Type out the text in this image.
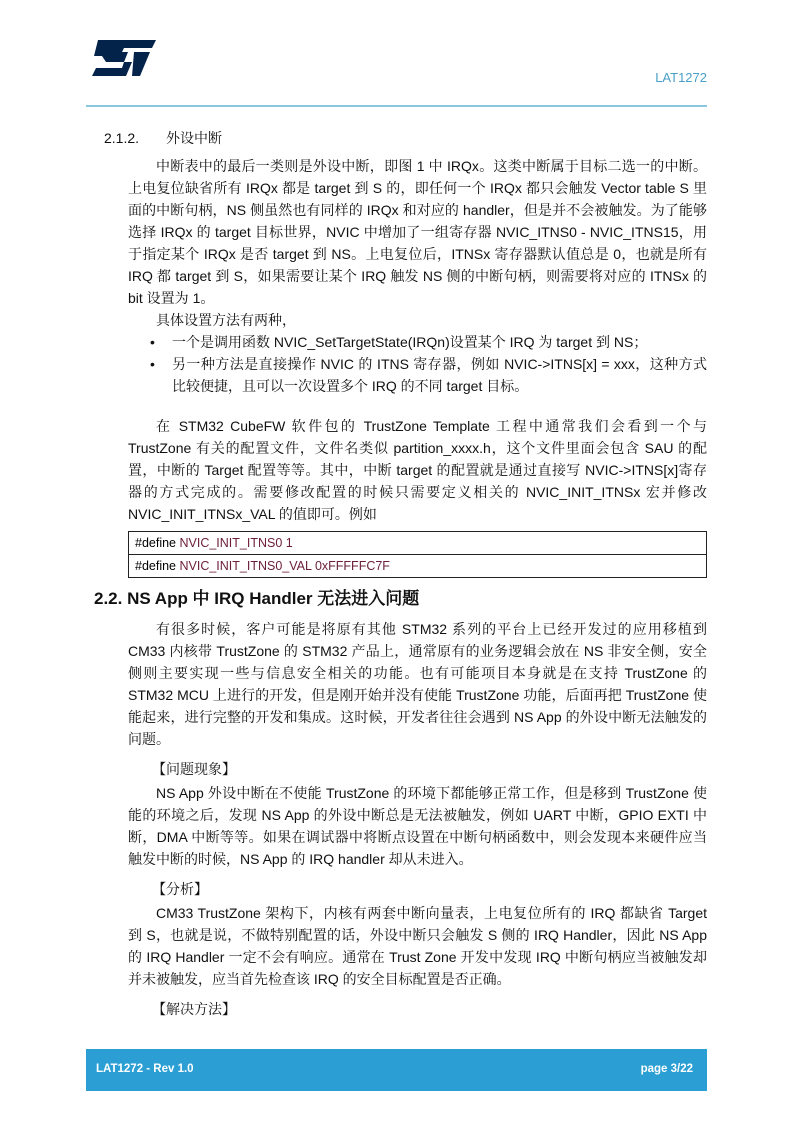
LAT1272
2.1.2. 外设中断

中断表中的最后一类则是外设中断，即图 1 中 IRQx。这类中断属于目标二选一的中断。上电复位缺省所有 IRQx 都是 target 到 S 的，即任何一个 IRQx 都只会触发 Vector table S 里面的中断句柄，NS 侧虽然也有同样的 IRQx 和对应的 handler，但是并不会被触发。为了能够选择 IRQx 的 target 目标世界，NVIC 中增加了一组寄存器 NVIC_ITNS0 - NVIC_ITNS15，用于指定某个 IRQx 是否 target 到 NS。上电复位后，ITNSx 寄存器默认值总是 0，也就是所有 IRQ 都 target 到 S，如果需要让某个 IRQ 触发 NS 侧的中断句柄，则需要将对应的 ITNSx 的 bit 设置为 1。

具体设置方法有两种，

• 一个是调用函数 NVIC_SetTargetState(IRQn)设置某个 IRQ 为 target 到 NS；
• 另一种方法是直接操作 NVIC 的 ITNS 寄存器，例如 NVIC->ITNS[x] = xxx，这种方式比较便捷，且可以一次设置多个 IRQ 的不同 target 目标。

在 STM32 CubeFW 软件包的 TrustZone Template 工程中通常我们会看到一个与 TrustZone 有关的配置文件，文件名类似 partition_xxxx.h，这个文件里面会包含 SAU 的配置，中断的 Target 配置等等。其中，中断 target 的配置就是通过直接写 NVIC->ITNS[x]寄存器的方式完成的。需要修改配置的时候只需要定义相关的 NVIC_INIT_ITNSx 宏并修改 NVIC_INIT_ITNSx_VAL 的值即可。例如

#define NVIC_INIT_ITNS0 1
#define NVIC_INIT_ITNS0_VAL 0xFFFFFC7F
2.2. NS App 中 IRQ Handler 无法进入问题

有很多时候，客户可能是将原有其他 STM32 系列的平台上已经开发过的应用移植到 CM33 内核带 TrustZone 的 STM32 产品上，通常原有的业务逻辑会放在 NS 非安全侧，安全侧则主要实现一些与信息安全相关的功能。也有可能项目本身就是在支持 TrustZone 的 STM32 MCU 上进行的开发，但是刚开始并没有使能 TrustZone 功能，后面再把 TrustZone 使能起来，进行完整的开发和集成。这时候，开发者往往会遇到 NS App 的外设中断无法触发的问题。

【问题现象】

NS App 外设中断在不使能 TrustZone 的环境下都能够正常工作，但是移到 TrustZone 使能的环境之后，发现 NS App 的外设中断总是无法被触发，例如 UART 中断，GPIO EXTI 中断，DMA 中断等等。如果在调试器中将断点设置在中断句柄函数中，则会发现本来硬件应当触发中断的时候，NS App 的 IRQ handler 却从未进入。

【分析】

CM33 TrustZone 架构下，内核有两套中断向量表，上电复位所有的 IRQ 都缺省 Target 到 S，也就是说，不做特别配置的话，外设中断只会触发 S 侧的 IRQ Handler，因此 NS App 的 IRQ Handler 一定不会有响应。通常在 Trust Zone 开发中发现 IRQ 中断句柄应当被触发却并未被触发，应当首先检查该 IRQ 的安全目标配置是否正确。

【解决方法】
LAT1272 - Rev 1.0	page 3/22
